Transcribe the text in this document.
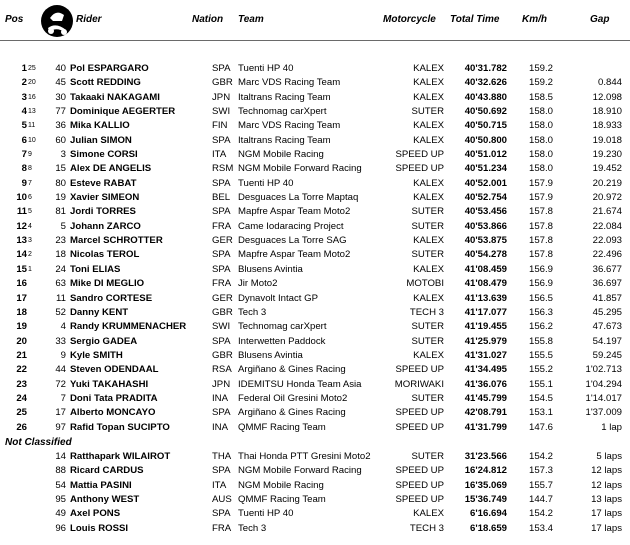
Pos	Rider	Nation Team	Motorcycle Total Time Km/h	Gap
1 25	40 Pol ESPARGARO	SPA Tuenti HP 40	KALEX	40'31.782	159.2
2 20	45 Scott REDDING	GBR Marc VDS Racing Team	KALEX	40'32.626	159.2	0.844
3 16	30 Takaaki NAKAGAMI	JPN Italtrans Racing Team	KALEX	40'43.880	158.5	12.098
4 13	77 Dominique AEGERTER	SWI Technomag carXpert	SUTER	40'50.692	158.0	18.910
5 11	36 Mika KALLIO	FIN	Marc VDS Racing Team	KALEX	40'50.715	158.0	18.933
6 10	60 Julian SIMON	SPA Italtrans Racing Team	KALEX	40'50.800	158.0	19.018
7 9	3 Simone CORSI	ITA	NGM Mobile Racing	SPEED UP	40'51.012	158.0	19.230
8 8	15 Alex DE ANGELIS	RSM NGM Mobile Forward Racing	SPEED UP	40'51.234	158.0	19.452
9 7	80 Esteve RABAT	SPA Tuenti HP 40	KALEX	40'52.001	157.9	20.219
10 6	19 Xavier SIMEON	BEL Desguaces La Torre Maptaq	KALEX	40'52.754	157.9	20.972
11 5	81 Jordi TORRES	SPA Mapfre Aspar Team Moto2	SUTER	40'53.456	157.8	21.674
12 4	5 Johann ZARCO	FRA Came Iodaracing Project	SUTER	40'53.866	157.8	22.084
13 3	23 Marcel SCHROTTER	GER Desguaces La Torre SAG	KALEX	40'53.875	157.8	22.093
14 2	18 Nicolas TEROL	SPA Mapfre Aspar Team Moto2	SUTER	40'54.278	157.8	22.496
15 1	24 Toni ELIAS	SPA Blusens Avintia	KALEX	41'08.459	156.9	36.677
16	63 Mike DI MEGLIO	FRA Jir Moto2	MOTOBI	41'08.479	156.9	36.697
17	11 Sandro CORTESE	GER Dynavolt Intact GP	KALEX	41'13.639	156.5	41.857
18	52 Danny KENT	GBR Tech 3	TECH 3	41'17.077	156.3	45.295
19	4 Randy KRUMMENACHER	SWI Technomag carXpert	SUTER	41'19.455	156.2	47.673
20	33 Sergio GADEA	SPA Interwetten Paddock	SUTER	41'25.979	155.8	54.197
21	9 Kyle SMITH	GBR Blusens Avintia	KALEX	41'31.027	155.5	59.245
22	44 Steven ODENDAAL	RSA Argiñano & Gines Racing	SPEED UP	41'34.495	155.2	1'02.713
23	72 Yuki TAKAHASHI	JPN IDEMITSU Honda Team Asia	MORIWAKI	41'36.076	155.1	1'04.294
24	7 Doni Tata PRADITA	INA	Federal Oil Gresini Moto2	SUTER	41'45.799	154.5	1'14.017
25	17 Alberto MONCAYO	SPA Argiñano & Gines Racing	SPEED UP	42'08.791	153.1	1'37.009
26	97 Rafid Topan SUCIPTO	INA	QMMF Racing Team	SPEED UP	41'31.799	147.6	1 lap
Not Classified
14 Ratthapark WILAIROT	THA Thai Honda PTT Gresini Moto2	SUTER	31'23.566	154.2	5 laps
88 Ricard CARDUS	SPA NGM Mobile Forward Racing	SPEED UP	16'24.812	157.3	12 laps
54 Mattia PASINI	ITA	NGM Mobile Racing	SPEED UP	16'35.069	155.7	12 laps
95 Anthony WEST	AUS QMMF Racing Team	SPEED UP	15'36.749	144.7	13 laps
49 Axel PONS	SPA Tuenti HP 40	KALEX	6'16.694	154.2	17 laps
96 Louis ROSSI	FRA Tech 3	TECH 3	6'18.659	153.4	17 laps
